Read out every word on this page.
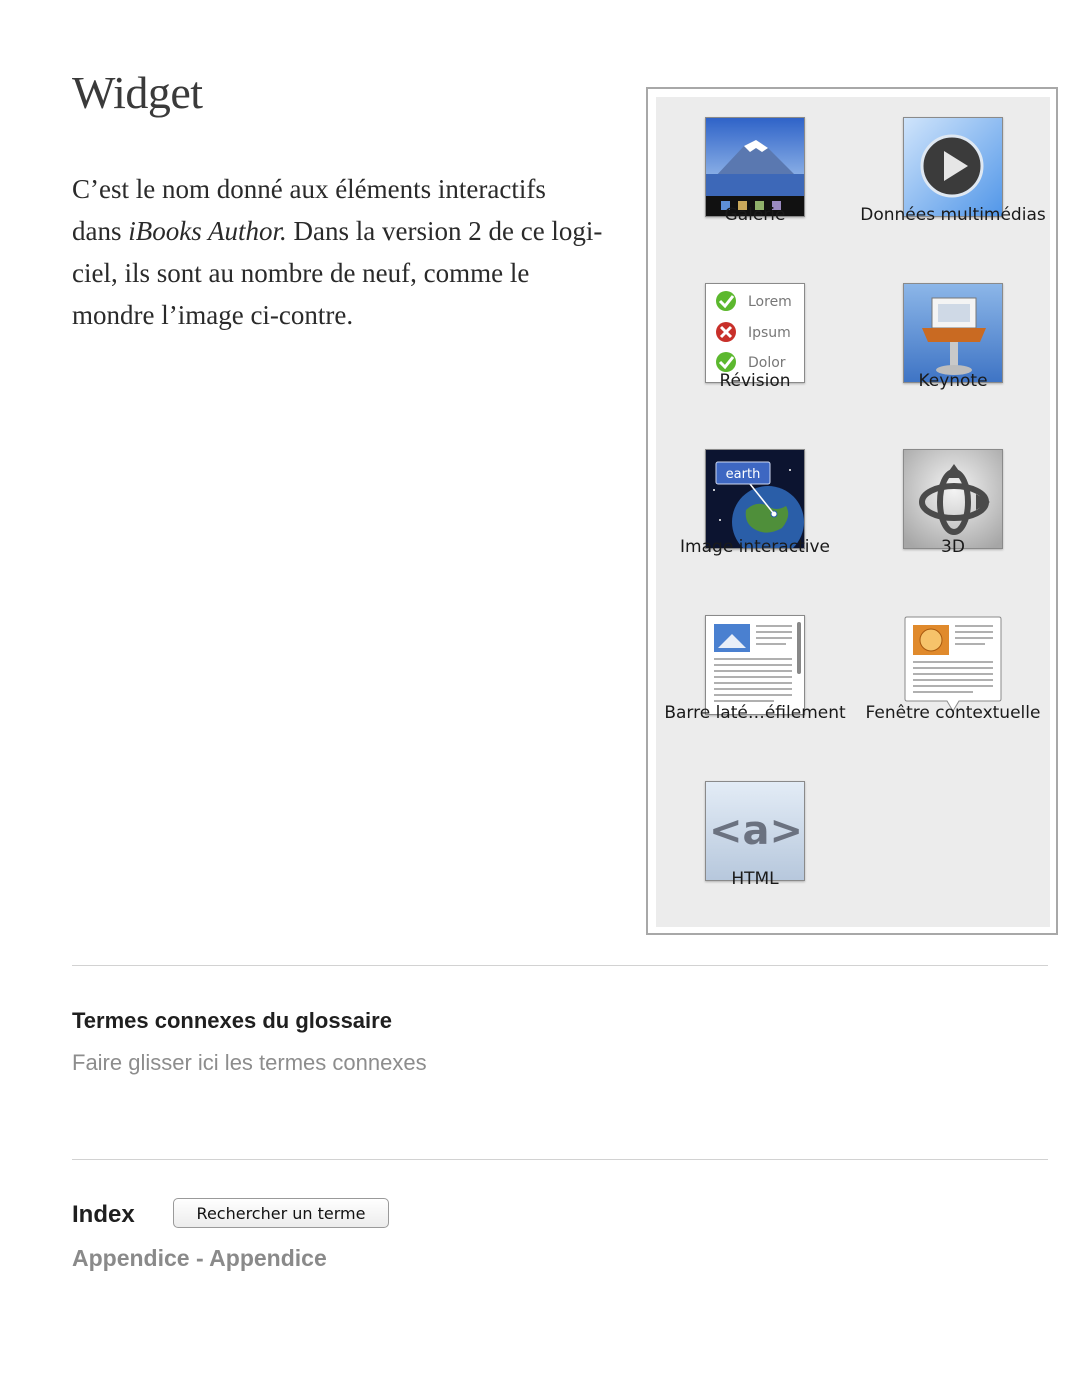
Widget
C’est le nom donné aux éléments interactifs
dans iBooks Author. Dans la version 2 de ce logi-
ciel, ils sont au nombre de neuf, comme le
mondre l’image ci-contre.
Galerie	Données multimédias
Lorem
Ipsum
Dolor
Révision	Keynote
earth
Image interactive	3D
Barre laté…éfilement	Fenêtre contextuelle
<a>
HTML
Termes connexes du glossaire
Faire glisser ici les termes connexes
Index	Rechercher un terme
Appendice - Appendice
